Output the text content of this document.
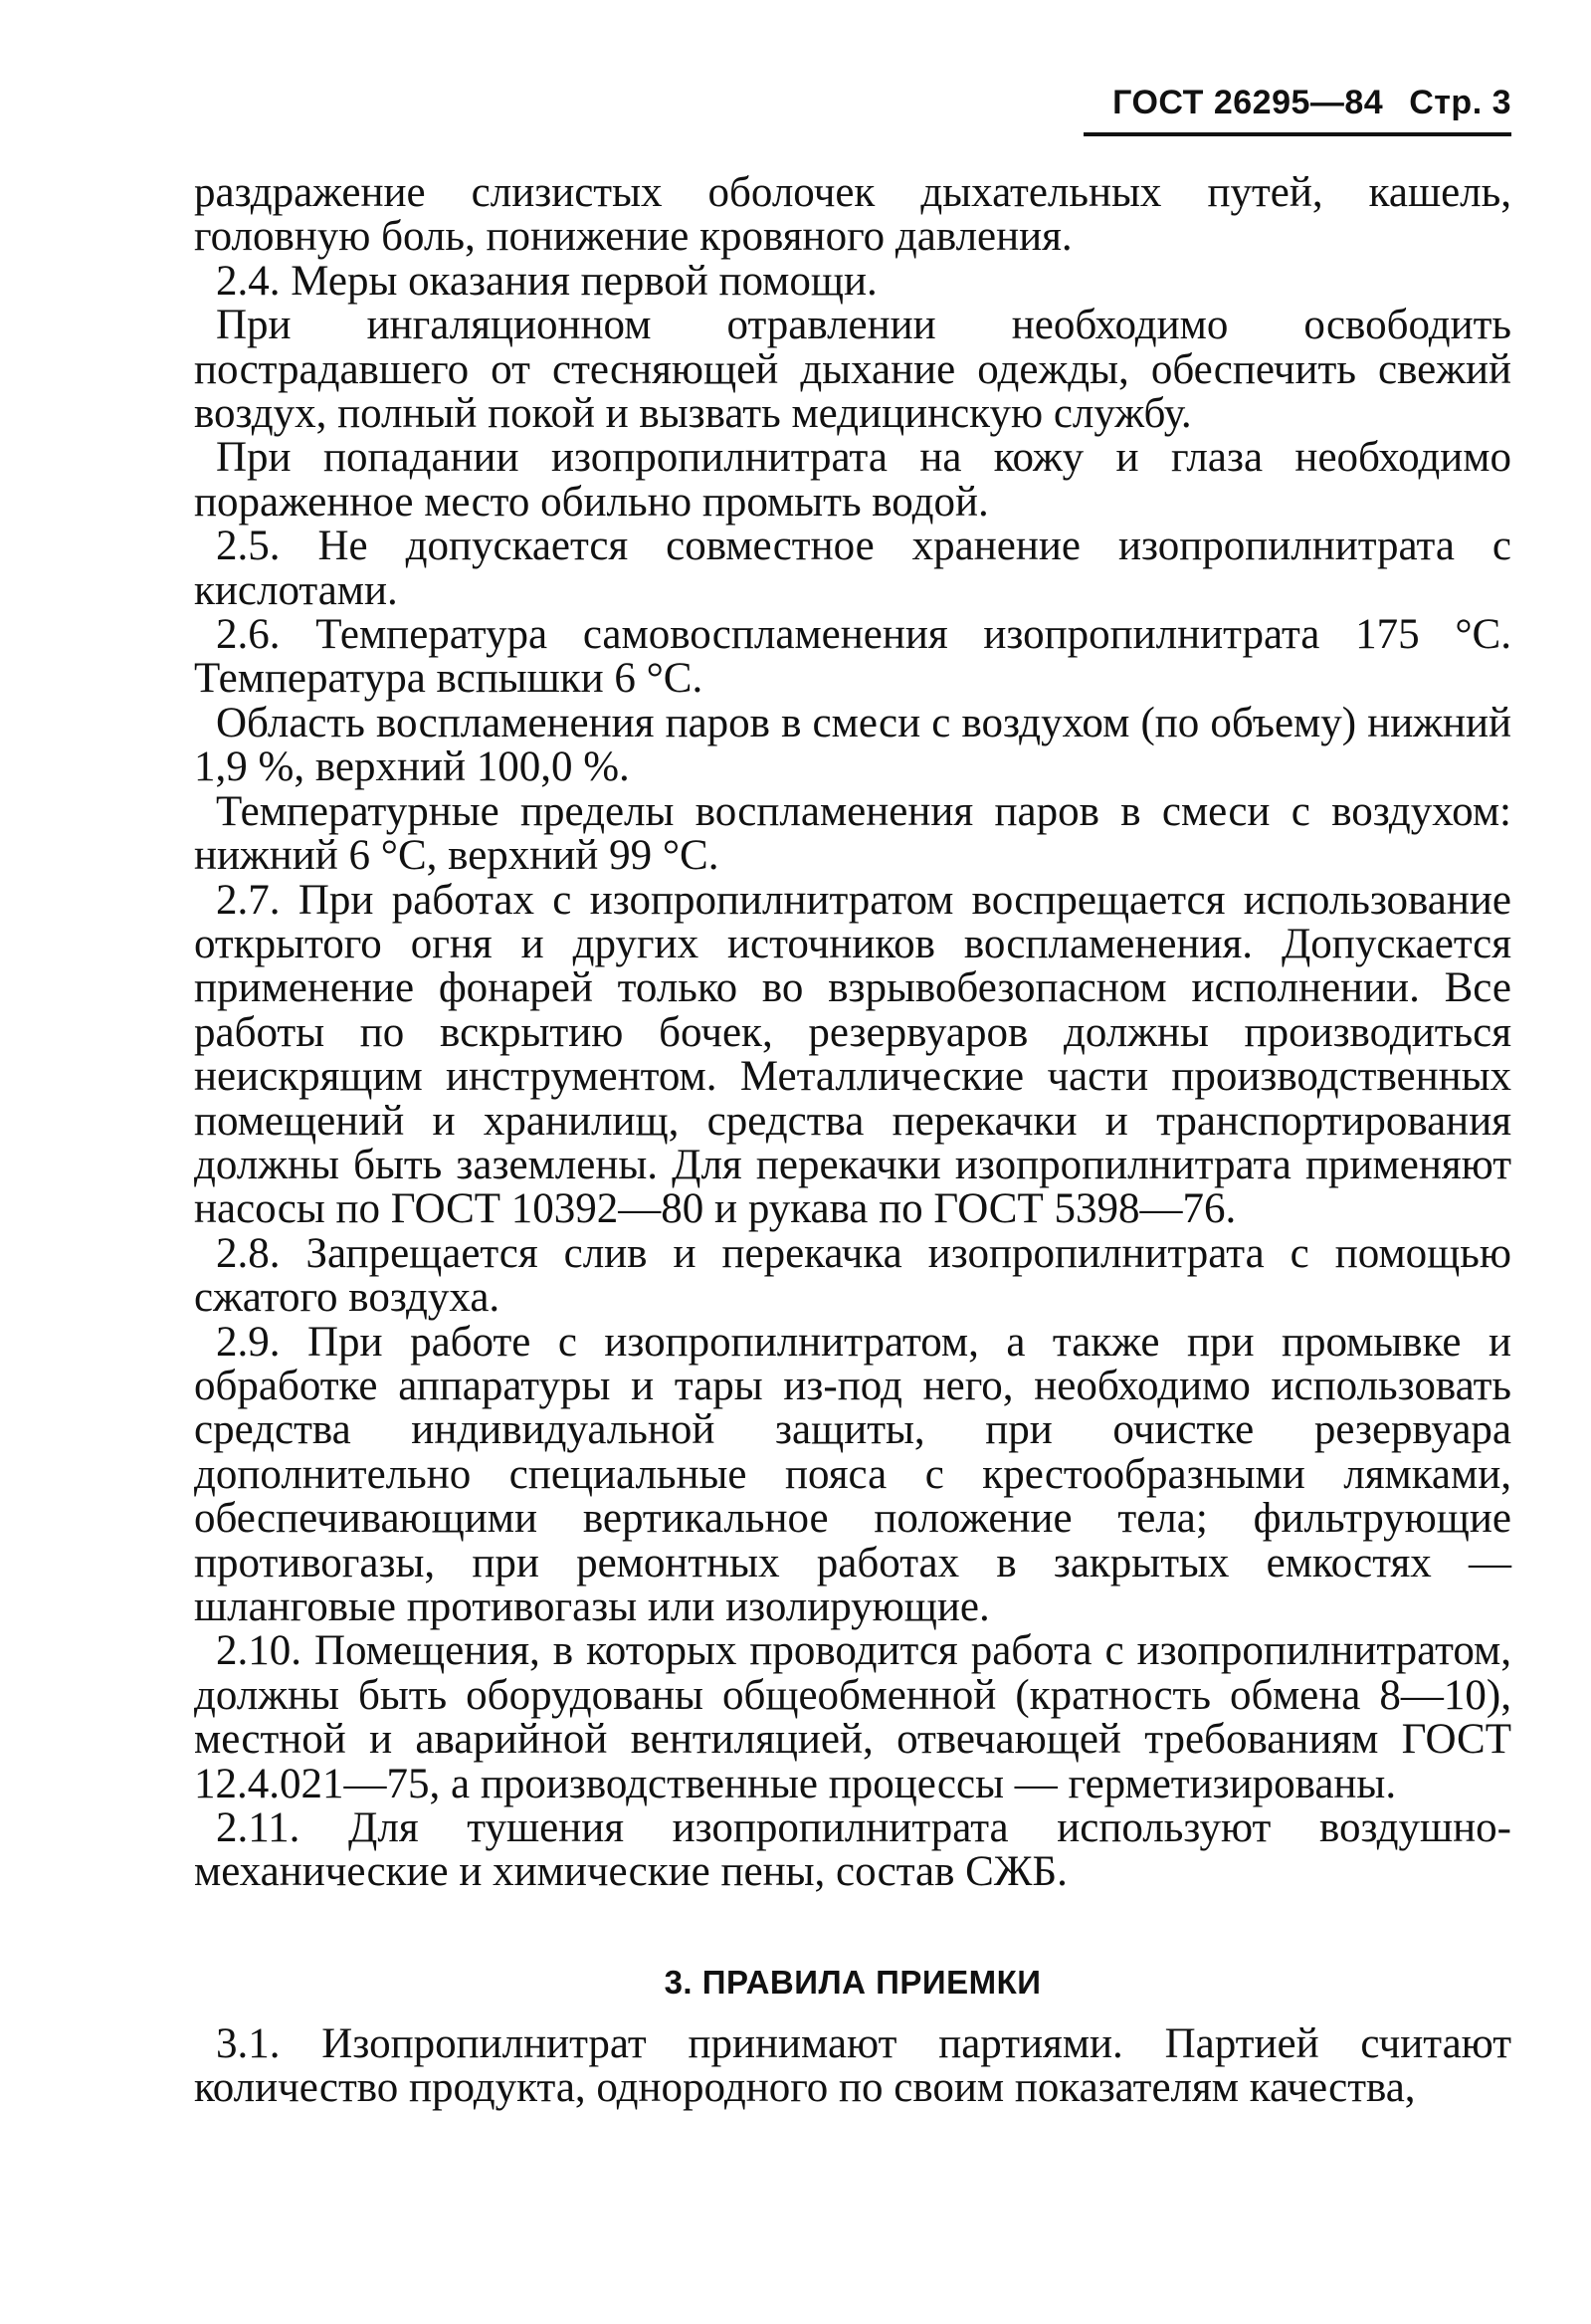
ГОСТ 26295—84 Стр. 3

раздражение слизистых оболочек дыхательных путей, кашель, головную боль, понижение кровяного давления.

2.4. Меры оказания первой помощи.

При ингаляционном отравлении необходимо освободить пострадавшего от стесняющей дыхание одежды, обеспечить свежий воздух, полный покой и вызвать медицинскую службу.

При попадании изопропилнитрата на кожу и глаза необходимо пораженное место обильно промыть водой.

2.5. Не допускается совместное хранение изопропилнитрата с кислотами.

2.6. Температура самовоспламенения изопропилнитрата 175 °С. Температура вспышки 6 °С.

Область воспламенения паров в смеси с воздухом (по объему) нижний 1,9 %, верхний 100,0 %.

Температурные пределы воспламенения паров в смеси с воздухом: нижний 6 °С, верхний 99 °С.

2.7. При работах с изопропилнитратом воспрещается использование открытого огня и других источников воспламенения. Допускается применение фонарей только во взрывобезопасном исполнении. Все работы по вскрытию бочек, резервуаров должны производиться неискрящим инструментом. Металлические части производственных помещений и хранилищ, средства перекачки и транспортирования должны быть заземлены. Для перекачки изопропилнитрата применяют насосы по ГОСТ 10392—80 и рукава по ГОСТ 5398—76.

2.8. Запрещается слив и перекачка изопропилнитрата с помощью сжатого воздуха.

2.9. При работе с изопропилнитратом, а также при промывке и обработке аппаратуры и тары из-под него, необходимо использовать средства индивидуальной защиты, при очистке резервуара дополнительно специальные пояса с крестообразными лямками, обеспечивающими вертикальное положение тела; фильтрующие противогазы, при ремонтных работах в закрытых емкостях — шланговые противогазы или изолирующие.

2.10. Помещения, в которых проводится работа с изопропилнитратом, должны быть оборудованы общеобменной (кратность обмена 8—10), местной и аварийной вентиляцией, отвечающей требованиям ГОСТ 12.4.021—75, а производственные процессы — герметизированы.

2.11. Для тушения изопропилнитрата используют воздушно-механические и химические пены, состав СЖБ.

3. ПРАВИЛА ПРИЕМКИ

3.1. Изопропилнитрат принимают партиями. Партией считают количество продукта, однородного по своим показателям качества,
